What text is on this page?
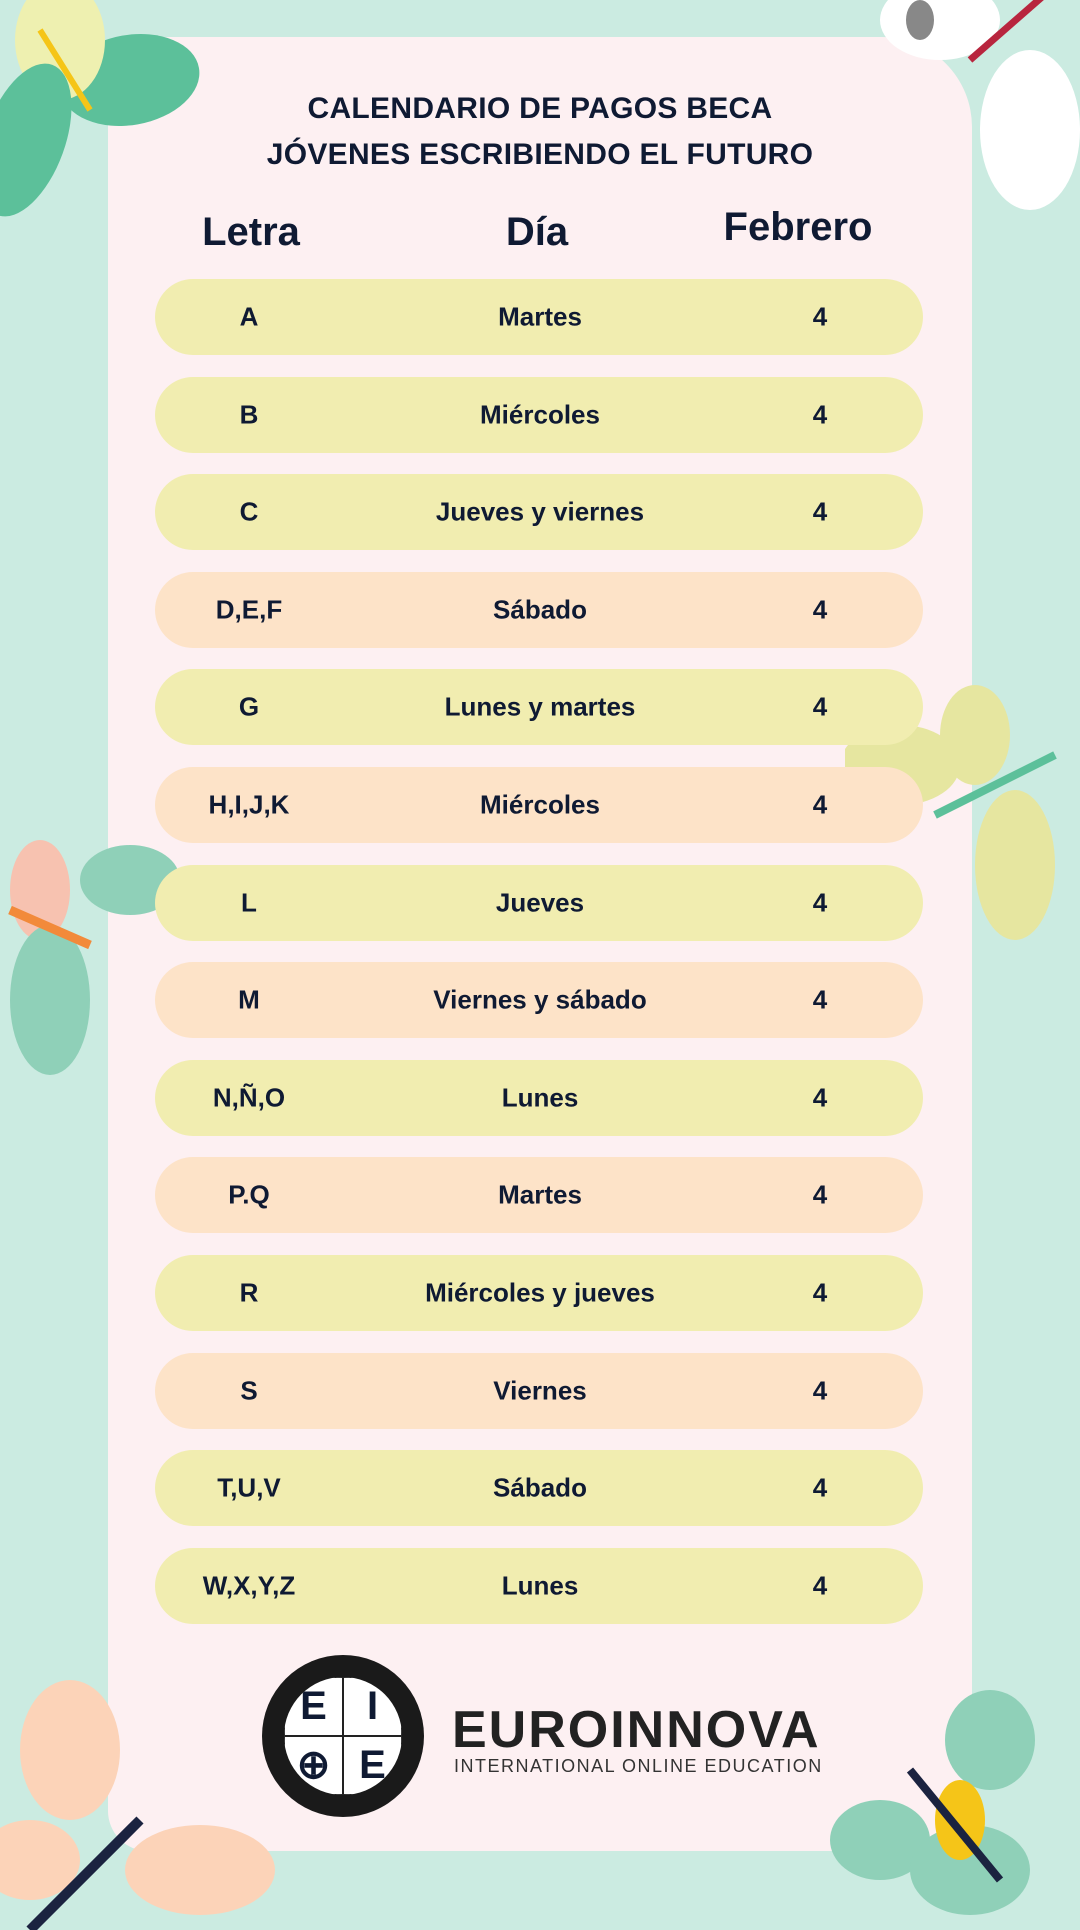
CALENDARIO DE PAGOS BECA
JÓVENES ESCRIBIENDO EL FUTURO
Letra	Día	Febrero
A	Martes	4
B	Miércoles	4
C	Jueves y viernes	4
D,E,F	Sábado	4
G	Lunes y martes	4
H,I,J,K	Miércoles	4
L	Jueves	4
M	Viernes y sábado	4
N,Ñ,O	Lunes	4
P.Q	Martes	4
R	Miércoles y jueves	4
S	Viernes	4
T,U,V	Sábado	4
W,X,Y,Z	Lunes	4
E	I
⊕ E
EUROINNOVA
INTERNATIONAL ONLINE EDUCATION
